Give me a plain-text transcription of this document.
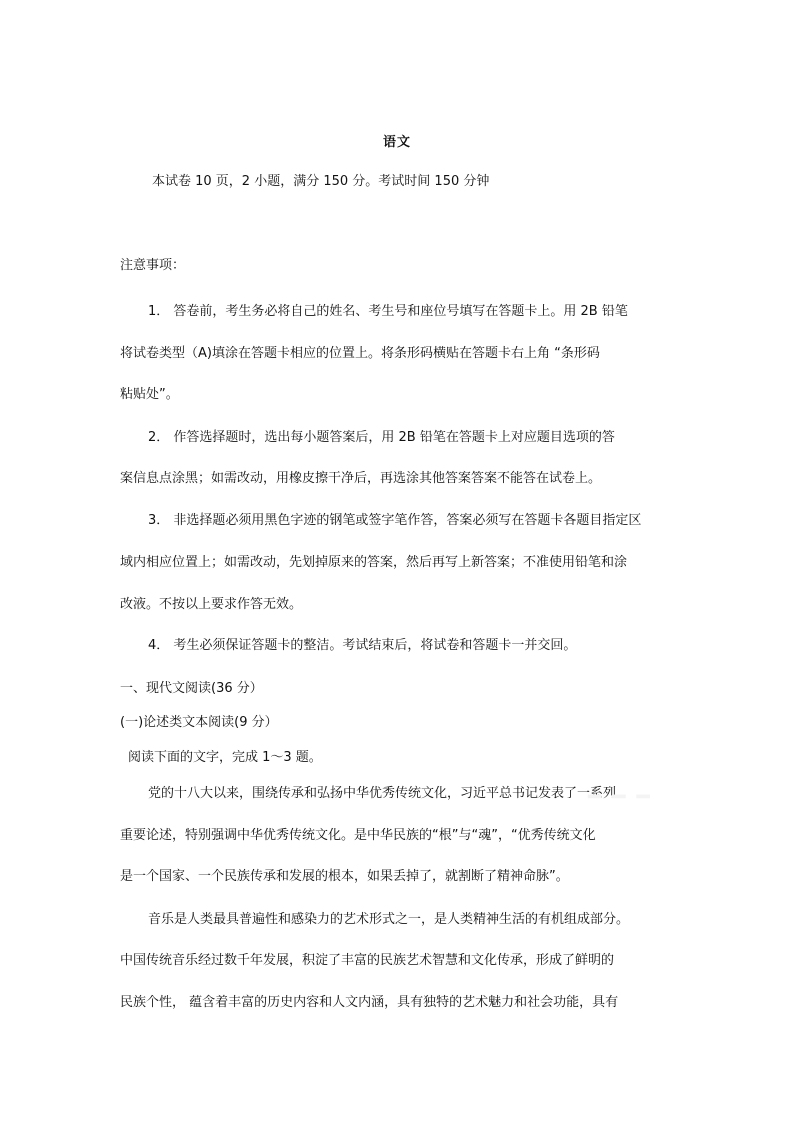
语文
本试卷 10 页，2 小题，满分 150 分。考试时间 150 分钟
注意事项：
1． 答卷前，考生务必将自己的姓名、考生号和座位号填写在答题卡上。用 2B 铅笔
将试卷类型（A)填涂在答题卡相应的位置上。将条形码横贴在答题卡右上角 “条形码
粘贴处”。
2． 作答选择题时，选出每小题答案后，用 2B 铅笔在答题卡上对应题目选项的答
案信息点涂黑；如需改动，用橡皮擦干净后，再选涂其他答案答案不能答在试卷上。
3． 非选择题必须用黑色字迹的钢笔或签字笔作答，答案必须写在答题卡各题目指定区
域内相应位置上；如需改动，先划掉原来的答案，然后再写上新答案；不准使用铅笔和涂
改液。不按以上要求作答无效。
4． 考生必须保证答题卡的整洁。考试结束后，将试卷和答题卡一并交回。
一、现代文阅读(36 分）
(一)论述类文本阅读(9 分）
阅读下面的文字，完成 1～3 题。
党的十八大以来，围绕传承和弘扬中华优秀传统文化，习近平总书记发表了一系列
重要论述，特别强调中华优秀传统文化。是中华民族的“根”与“魂”，“优秀传统文化
是一个国家、一个民族传承和发展的根本，如果丢掉了，就割断了精神命脉”。
音乐是人类最具普遍性和感染力的艺术形式之一，是人类精神生活的有机组成部分。
中国传统音乐经过数千年发展，积淀了丰富的民族艺术智慧和文化传承，形成了鲜明的
民族个性， 蕴含着丰富的历史内容和人文内涵，具有独特的艺术魅力和社会功能，具有
━ ━ ━
